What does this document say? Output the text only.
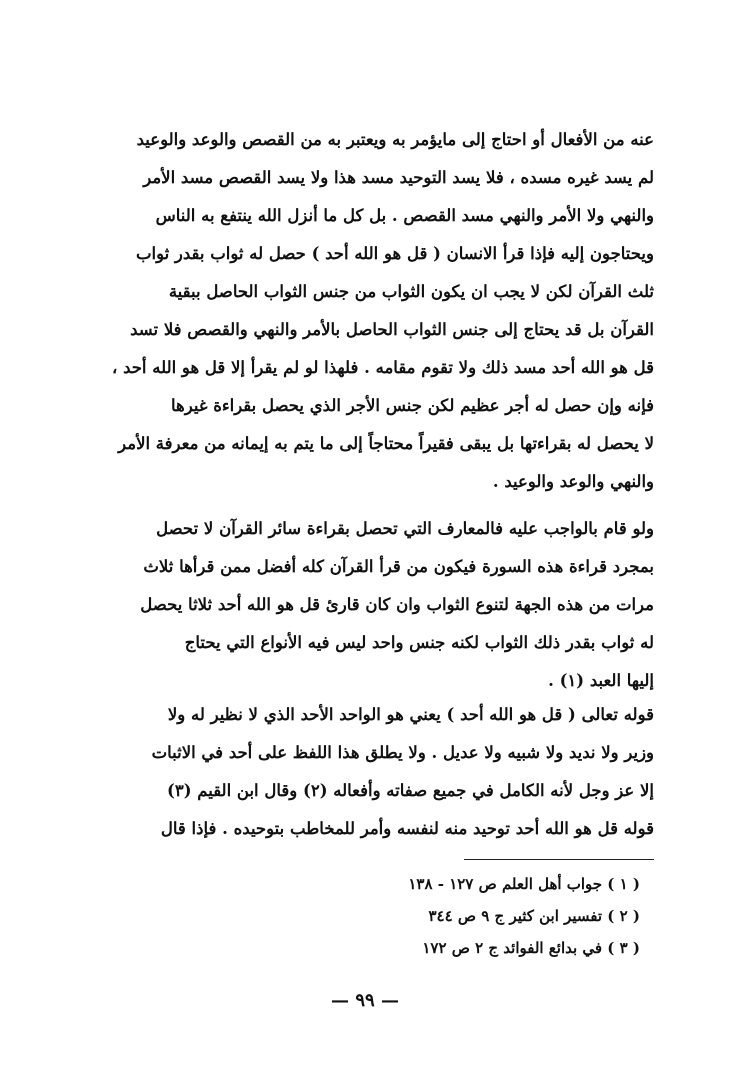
عنه من الأفعال أو احتاج إلى مايؤمر به ويعتبر به من القصص والوعد والوعيد
لم يسد غيره مسده ، فلا يسد التوحيد مسد هذا ولا يسد القصص مسد الأمر
والنهي ولا الأمر والنهي مسد القصص . بل كل ما أنزل الله ينتفع به الناس
ويحتاجون إليه فإذا قرأ الانسان ( قل هو الله أحد ) حصل له ثواب بقدر ثواب
ثلث القرآن لكن لا يجب ان يكون الثواب من جنس الثواب الحاصل ببقية
القرآن بل قد يحتاج إلى جنس الثواب الحاصل بالأمر والنهي والقصص فلا تسد
قل هو الله أحد مسد ذلك ولا تقوم مقامه . فلهذا لو لم يقرأ إلا قل هو الله أحد ،
فإنه وإن حصل له أجر عظيم لكن جنس الأجر الذي يحصل بقراءة غيرها
لا يحصل له بقراءتها بل يبقى فقيراً محتاجاً إلى ما يتم به إيمانه من معرفة الأمر
والنهي والوعد والوعيد .
ولو قام بالواجب عليه فالمعارف التي تحصل بقراءة سائر القرآن لا تحصل
بمجرد قراءة هذه السورة فيكون من قرأ القرآن كله أفضل ممن قرأها ثلاث
مرات من هذه الجهة لتنوع الثواب وان كان قارئ قل هو الله أحد ثلاثا يحصل
له ثواب بقدر ذلك الثواب لكنه جنس واحد ليس فيه الأنواع التي يحتاج
إليها العبد (١) .
قوله تعالى ( قل هو الله أحد ) يعني هو الواحد الأحد الذي لا نظير له ولا
وزير ولا نديد ولا شبيه ولا عديل . ولا يطلق هذا اللفظ على أحد في الاثبات
إلا عز وجل لأنه الكامل في جميع صفاته وأفعاله (٢) وقال ابن القيم (٣)
قوله قل هو الله أحد توحيد منه لنفسه وأمر للمخاطب بتوحيده . فإذا قال
( ١ ) جواب أهل العلم ص ١٢٧ - ١٣٨
( ٢ ) تفسير ابن كثير ج ٩ ص ٣٤٤
( ٣ ) في بدائع الفوائد ج ٢ ص ١٧٢
— ٩٩ —
